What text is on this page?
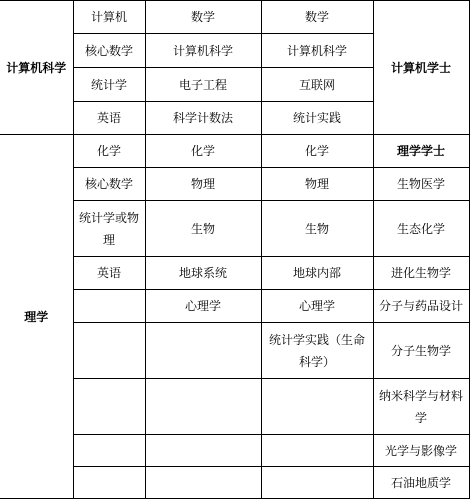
计算机科学	计算机	数学	数学	计算机学士
	核心数学	计算机科学	计算机科学	
	统计学	电子工程	互联网	
	英语	科学计数法	统计实践	
理学	化学	化学	化学	理学学士
	核心数学	物理	物理	生物医学
	统计学或物理	生物	生物	生态化学
	英语	地球系统	地球内部	进化生物学
		心理学	心理学	分子与药品设计
			统计学实践（生命科学）	分子生物学
				纳米科学与材料学
				光学与影像学
				石油地质学
